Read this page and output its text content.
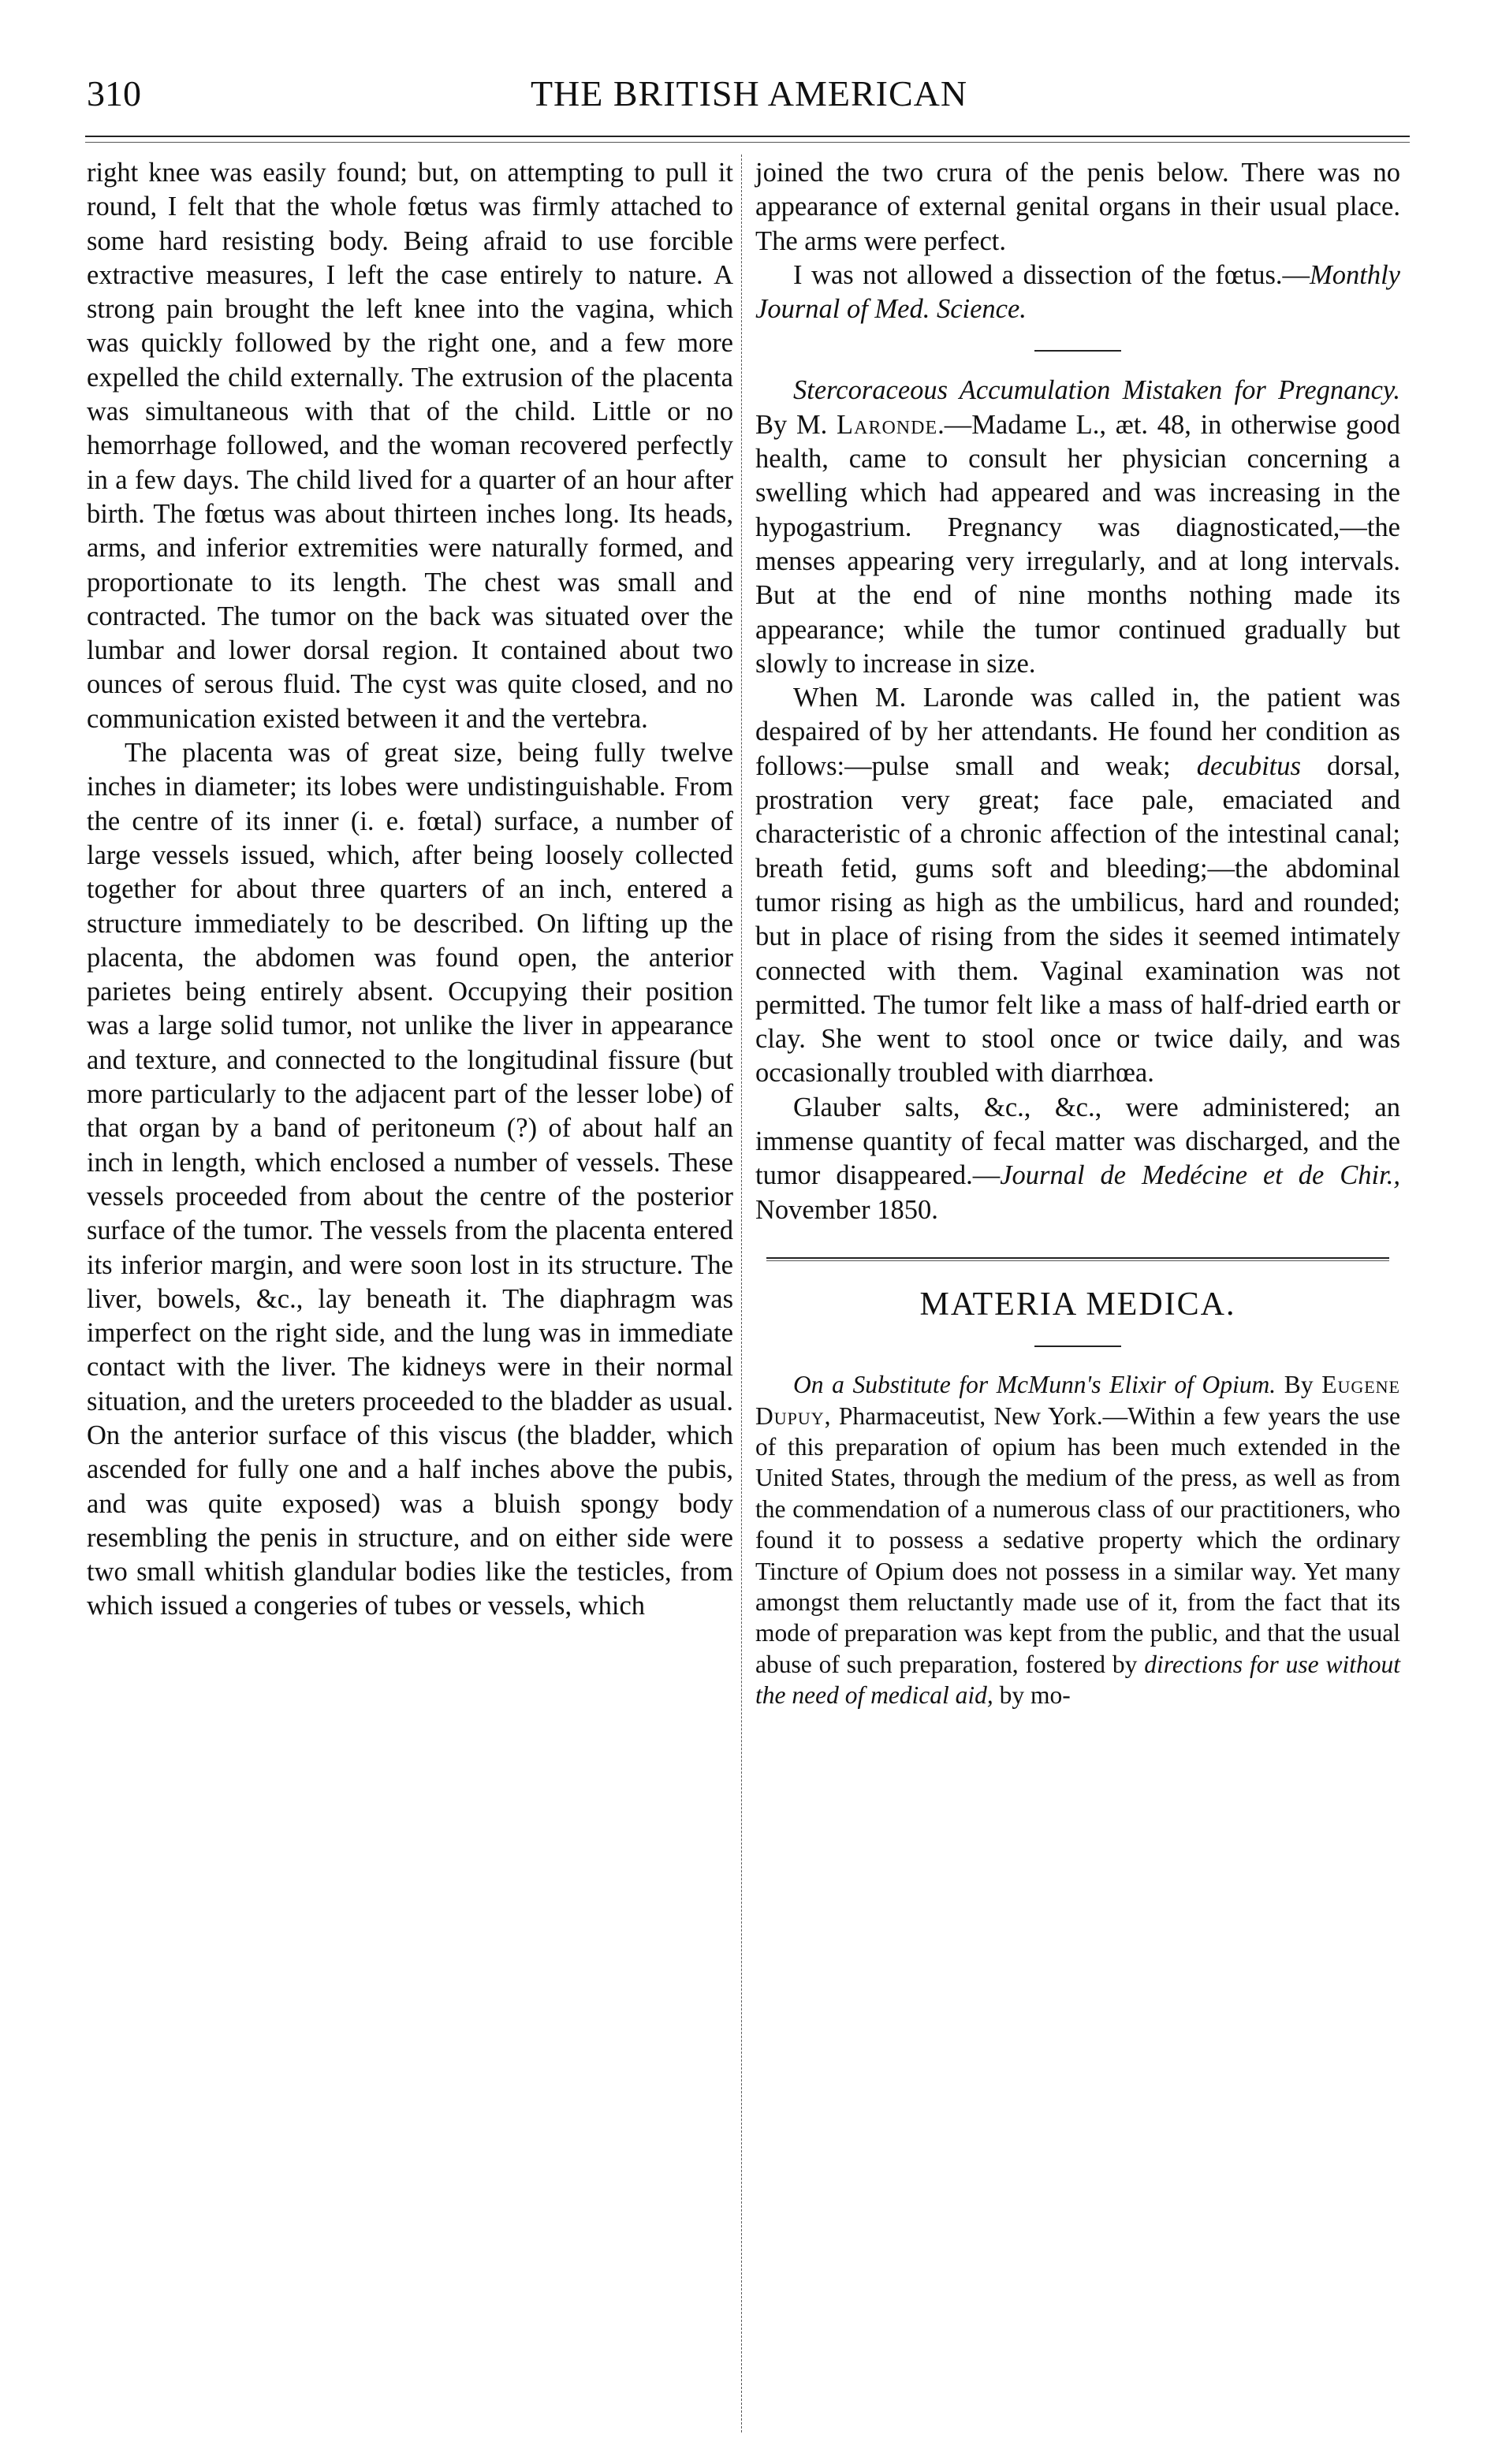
310	THE BRITISH AMERICAN

right knee was easily found; but, on attempting to pull it round, I felt that the whole fœtus was firmly attached to some hard resisting body. Being afraid to use forcible extractive measures, I left the case entirely to nature. A strong pain brought the left knee into the vagina, which was quickly followed by the right one, and a few more expelled the child externally. The extrusion of the placenta was simultaneous with that of the child. Little or no hemorrhage followed, and the woman recovered perfectly in a few days. The child lived for a quarter of an hour after birth. The fœtus was about thirteen inches long. Its heads, arms, and inferior extremities were naturally formed, and proportionate to its length. The chest was small and contracted. The tumor on the back was situated over the lumbar and lower dorsal region. It contained about two ounces of serous fluid. The cyst was quite closed, and no communication existed between it and the vertebra.

The placenta was of great size, being fully twelve inches in diameter; its lobes were undistinguishable. From the centre of its inner (i. e. fœtal) surface, a number of large vessels issued, which, after being loosely collected together for about three quarters of an inch, entered a structure immediately to be described. On lifting up the placenta, the abdomen was found open, the anterior parietes being entirely absent. Occupying their position was a large solid tumor, not unlike the liver in appearance and texture, and connected to the longitudinal fissure (but more particularly to the adjacent part of the lesser lobe) of that organ by a band of peritoneum (?) of about half an inch in length, which enclosed a number of vessels. These vessels proceeded from about the centre of the posterior surface of the tumor. The vessels from the placenta entered its inferior margin, and were soon lost in its structure. The liver, bowels, &c., lay beneath it. The diaphragm was imperfect on the right side, and the lung was in immediate contact with the liver. The kidneys were in their normal situation, and the ureters proceeded to the bladder as usual. On the anterior surface of this viscus (the bladder, which ascended for fully one and a half inches above the pubis, and was quite exposed) was a bluish spongy body resembling the penis in structure, and on either side were two small whitish glandular bodies like the testicles, from which issued a congeries of tubes or vessels, which

joined the two crura of the penis below. There was no appearance of external genital organs in their usual place. The arms were perfect.

I was not allowed a dissection of the fœtus.—Monthly Journal of Med. Science.

Stercoraceous Accumulation Mistaken for Pregnancy. By M. Laronde.—Madame L., æt. 48, in otherwise good health, came to consult her physician concerning a swelling which had appeared and was increasing in the hypogastrium. Pregnancy was diagnosticated,—the menses appearing very irregularly, and at long intervals. But at the end of nine months nothing made its appearance; while the tumor continued gradually but slowly to increase in size.

When M. Laronde was called in, the patient was despaired of by her attendants. He found her condition as follows:—pulse small and weak; decubitus dorsal, prostration very great; face pale, emaciated and characteristic of a chronic affection of the intestinal canal; breath fetid, gums soft and bleeding;—the abdominal tumor rising as high as the umbilicus, hard and rounded; but in place of rising from the sides it seemed intimately connected with them. Vaginal examination was not permitted. The tumor felt like a mass of half-dried earth or clay. She went to stool once or twice daily, and was occasionally troubled with diarrhœa.

Glauber salts, &c., &c., were administered; an immense quantity of fecal matter was discharged, and the tumor disappeared.—Journal de Medécine et de Chir., November 1850.

MATERIA MEDICA.

On a Substitute for McMunn's Elixir of Opium. By Eugene Dupuy, Pharmaceutist, New York.—Within a few years the use of this preparation of opium has been much extended in the United States, through the medium of the press, as well as from the commendation of a numerous class of our practitioners, who found it to possess a sedative property which the ordinary Tincture of Opium does not possess in a similar way. Yet many amongst them reluctantly made use of it, from the fact that its mode of preparation was kept from the public, and that the usual abuse of such preparation, fostered by directions for use without the need of medical aid, by mo-
